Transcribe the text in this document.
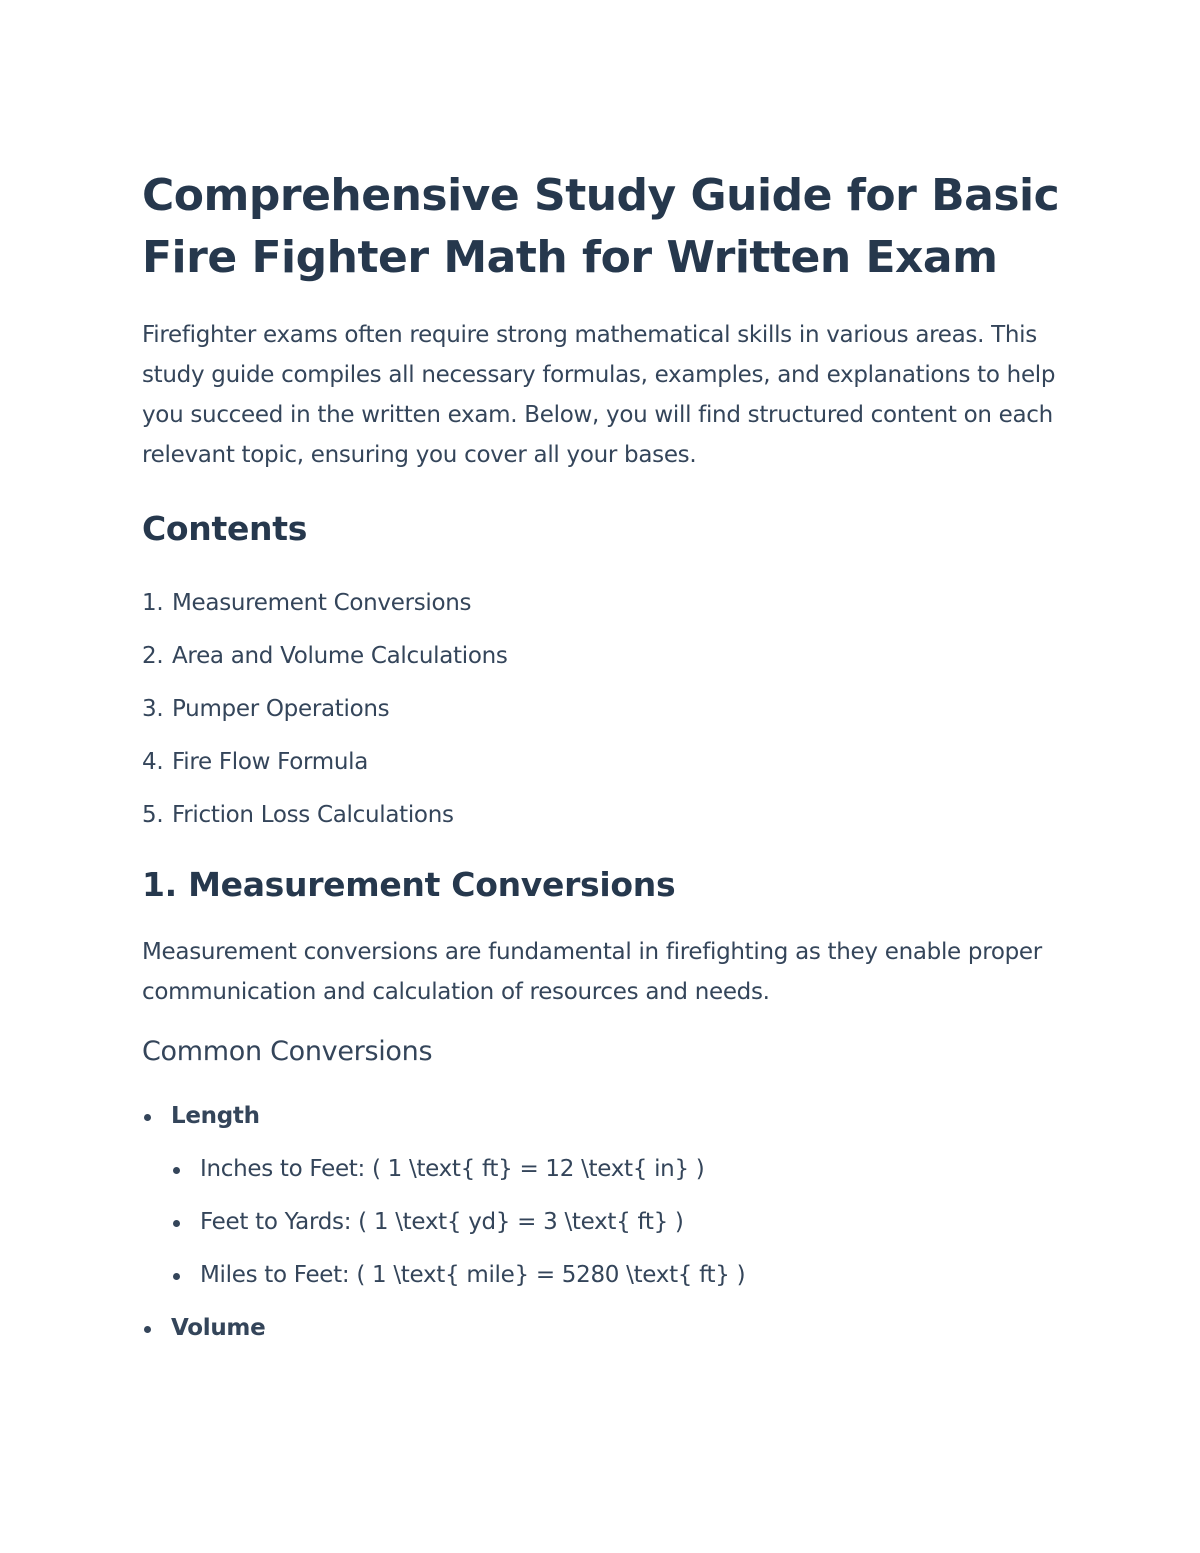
Comprehensive Study Guide for Basic Fire Fighter Math for Written Exam

Firefighter exams often require strong mathematical skills in various areas. This study guide compiles all necessary formulas, examples, and explanations to help you succeed in the written exam. Below, you will find structured content on each relevant topic, ensuring you cover all your bases.

Contents
1. Measurement Conversions
2. Area and Volume Calculations
3. Pumper Operations
4. Fire Flow Formula
5. Friction Loss Calculations
1. Measurement Conversions

Measurement conversions are fundamental in firefighting as they enable proper communication and calculation of resources and needs.

Common Conversions
Length
Inches to Feet: ( 1 \text{ ft} = 12 \text{ in} )
Feet to Yards: ( 1 \text{ yd} = 3 \text{ ft} )
Miles to Feet: ( 1 \text{ mile} = 5280 \text{ ft} )
Volume
